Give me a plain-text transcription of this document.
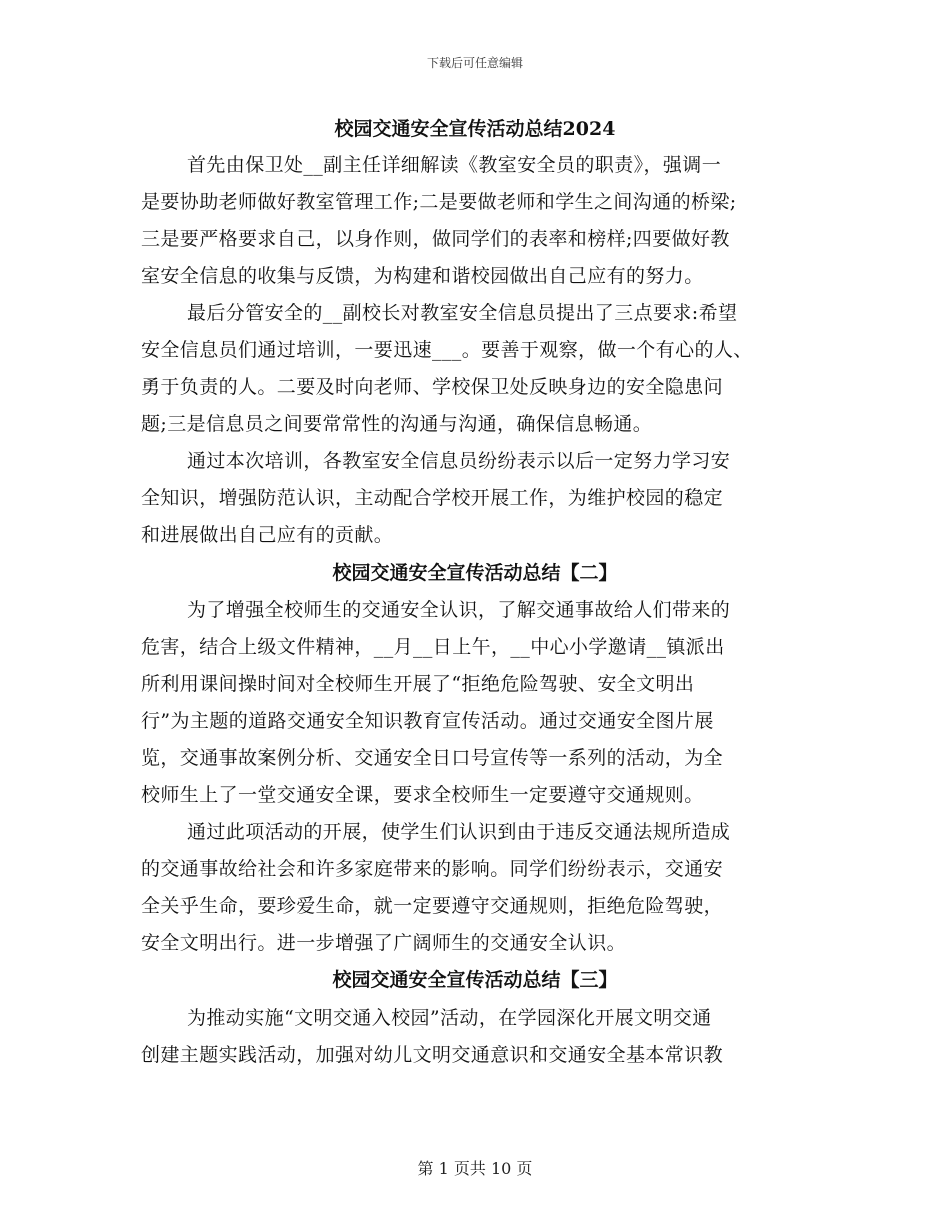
下载后可任意编辑
校园交通安全宣传活动总结2024
首先由保卫处__副主任详细解读《教室安全员的职责》，强调一
是要协助老师做好教室管理工作;二是要做老师和学生之间沟通的桥梁;
三是要严格要求自己，以身作则，做同学们的表率和榜样;四要做好教
室安全信息的收集与反馈，为构建和谐校园做出自己应有的努力。
最后分管安全的__副校长对教室安全信息员提出了三点要求:希望
安全信息员们通过培训，一要迅速___。要善于观察，做一个有心的人、
勇于负责的人。二要及时向老师、学校保卫处反映身边的安全隐患问
题;三是信息员之间要常常性的沟通与沟通，确保信息畅通。
通过本次培训，各教室安全信息员纷纷表示以后一定努力学习安
全知识，增强防范认识，主动配合学校开展工作，为维护校园的稳定
和进展做出自己应有的贡献。
校园交通安全宣传活动总结【二】
为了增强全校师生的交通安全认识，了解交通事故给人们带来的
危害，结合上级文件精神，__月__日上午，__中心小学邀请__镇派出
所利用课间操时间对全校师生开展了“拒绝危险驾驶、安全文明出
行”为主题的道路交通安全知识教育宣传活动。通过交通安全图片展
览，交通事故案例分析、交通安全日口号宣传等一系列的活动，为全
校师生上了一堂交通安全课，要求全校师生一定要遵守交通规则。
通过此项活动的开展，使学生们认识到由于违反交通法规所造成
的交通事故给社会和许多家庭带来的影响。同学们纷纷表示，交通安
全关乎生命，要珍爱生命，就一定要遵守交通规则，拒绝危险驾驶，
安全文明出行。进一步增强了广阔师生的交通安全认识。
校园交通安全宣传活动总结【三】
为推动实施“文明交通入校园”活动，在学园深化开展文明交通
创建主题实践活动，加强对幼儿文明交通意识和交通安全基本常识教
第 1 页共 10 页
